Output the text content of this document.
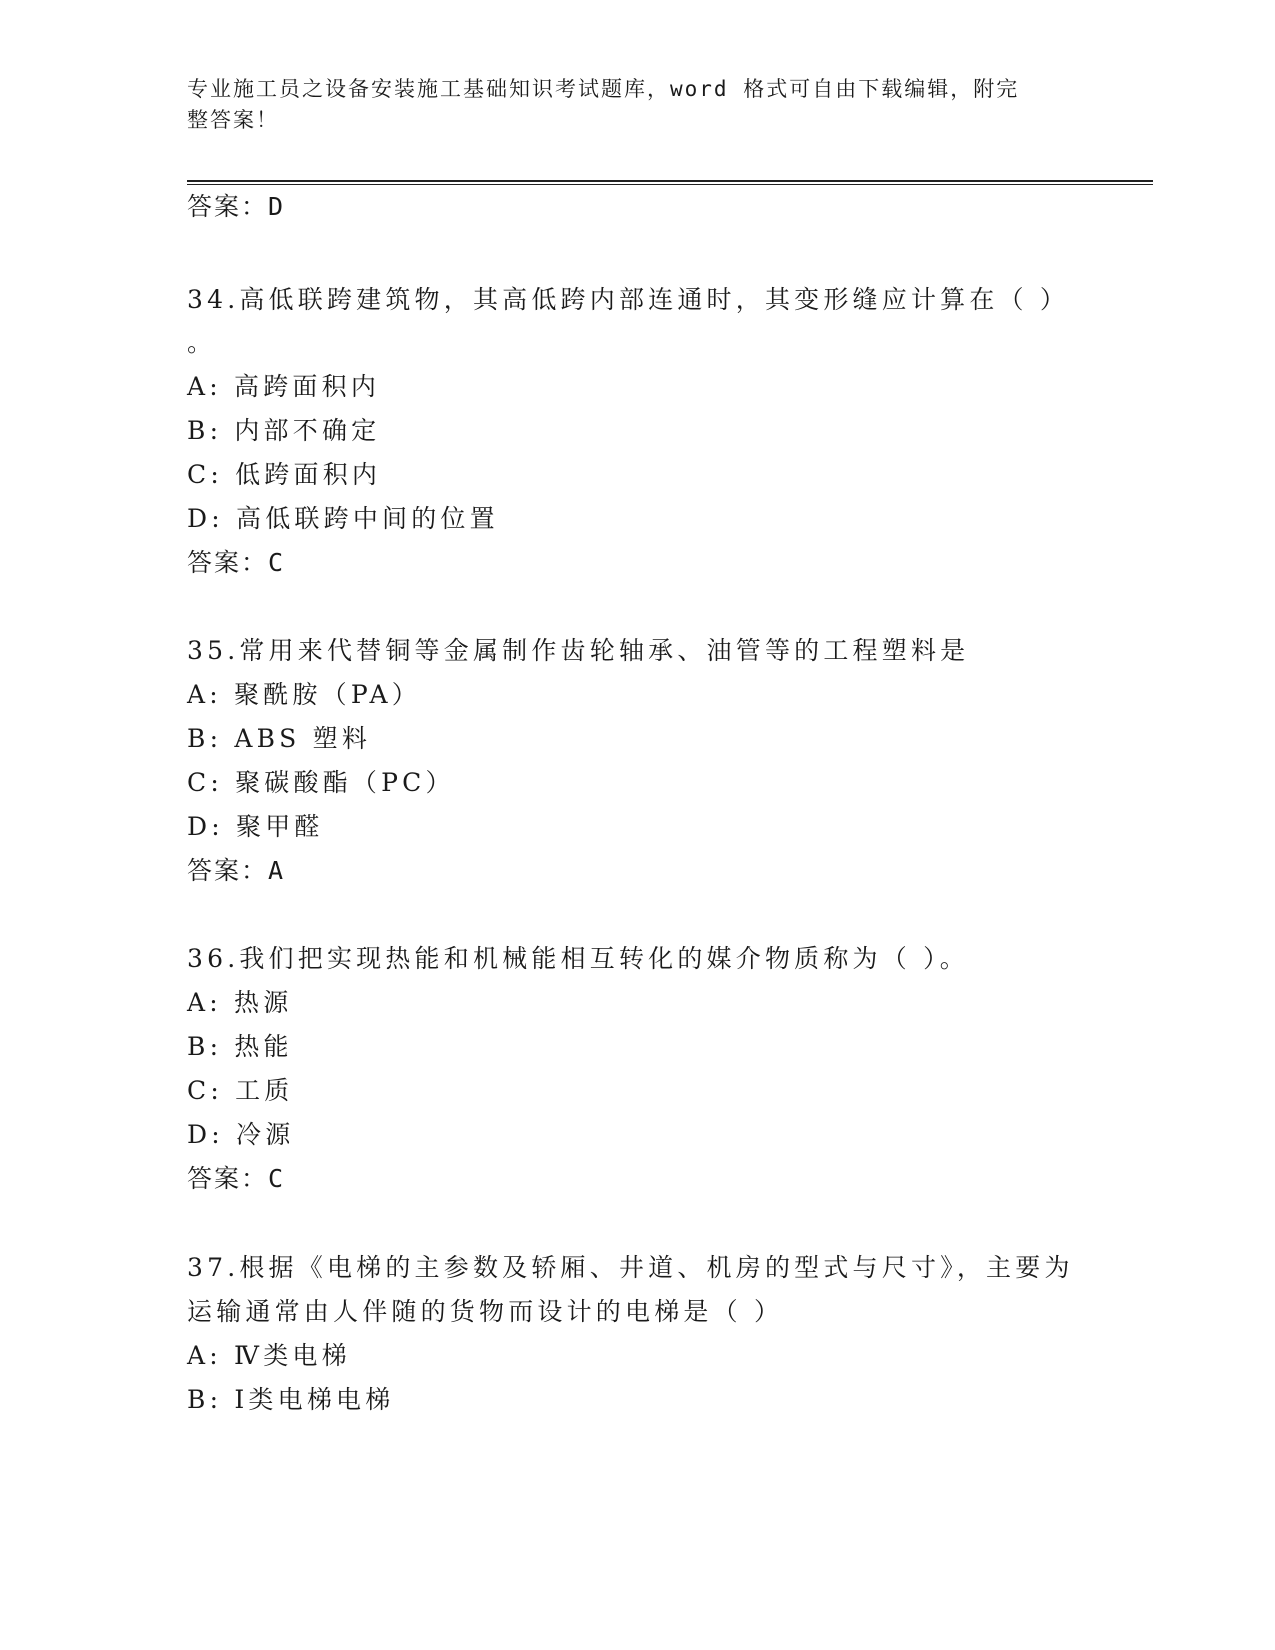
专业施工员之设备安装施工基础知识考试题库，word 格式可自由下载编辑，附完
整答案！
答案：D
34.高低联跨建筑物，其高低跨内部连通时，其变形缝应计算在（ ）
。
A: 高跨面积内
B: 内部不确定
C: 低跨面积内
D: 高低联跨中间的位置
答案：C
35.常用来代替铜等金属制作齿轮轴承、油管等的工程塑料是
A: 聚酰胺（PA）
B: ABS 塑料
C: 聚碳酸酯（PC）
D: 聚甲醛
答案：A
36.我们把实现热能和机械能相互转化的媒介物质称为（ ）。
A: 热源
B: 热能
C: 工质
D: 冷源
答案：C
37.根据《电梯的主参数及轿厢、井道、机房的型式与尺寸》，主要为
运输通常由人伴随的货物而设计的电梯是（ ）
A: Ⅳ类电梯
B: Ⅰ类电梯电梯
